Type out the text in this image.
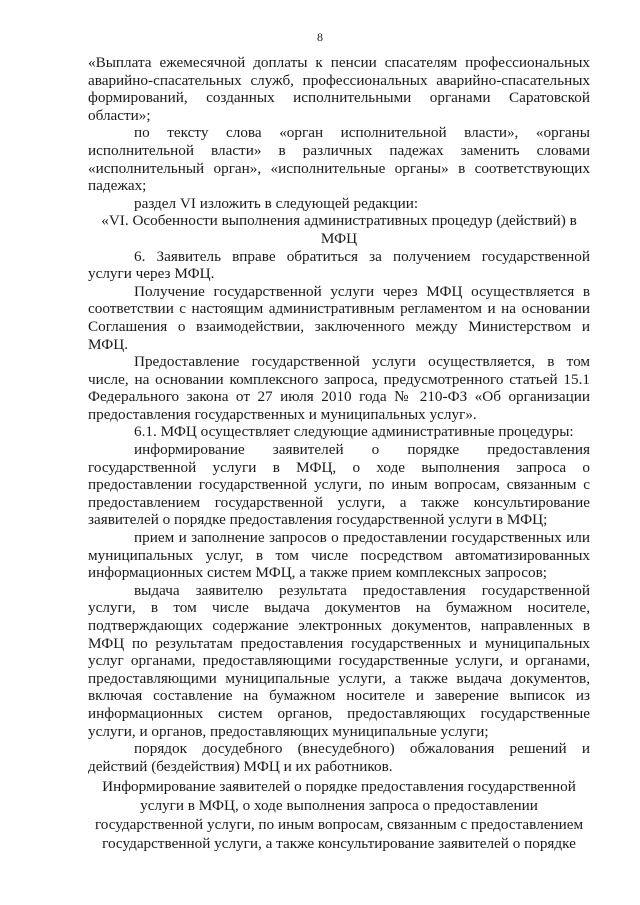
8

«Выплата ежемесячной доплаты к пенсии спасателям профессиональных аварийно-спасательных служб, профессиональных аварийно-спасательных формирований, созданных исполнительными органами Саратовской области»;

по тексту слова «орган исполнительной власти», «органы исполнительной власти» в различных падежах заменить словами «исполнительный орган», «исполнительные органы» в соответствующих падежах;

раздел VI изложить в следующей редакции:

«VI. Особенности выполнения административных процедур (действий) в МФЦ

6. Заявитель вправе обратиться за получением государственной услуги через МФЦ.

Получение государственной услуги через МФЦ осуществляется в соответствии с настоящим административным регламентом и на основании Соглашения о взаимодействии, заключенного между Министерством и МФЦ.

Предоставление государственной услуги осуществляется, в том числе, на основании комплексного запроса, предусмотренного статьей 15.1 Федерального закона от 27 июля 2010 года № 210-ФЗ «Об организации предоставления государственных и муниципальных услуг».

6.1. МФЦ осуществляет следующие административные процедуры:

информирование заявителей о порядке предоставления государственной услуги в МФЦ, о ходе выполнения запроса о предоставлении государственной услуги, по иным вопросам, связанным с предоставлением государственной услуги, а также консультирование заявителей о порядке предоставления государственной услуги в МФЦ;

прием и заполнение запросов о предоставлении государственных или муниципальных услуг, в том числе посредством автоматизированных информационных систем МФЦ, а также прием комплексных запросов;

выдача заявителю результата предоставления государственной услуги, в том числе выдача документов на бумажном носителе, подтверждающих содержание электронных документов, направленных в МФЦ по результатам предоставления государственных и муниципальных услуг органами, предоставляющими государственные услуги, и органами, предоставляющими муниципальные услуги, а также выдача документов, включая составление на бумажном носителе и заверение выписок из информационных систем органов, предоставляющих государственные услуги, и органов, предоставляющих муниципальные услуги;

порядок досудебного (внесудебного) обжалования решений и действий (бездействия) МФЦ и их работников.

Информирование заявителей о порядке предоставления государственной услуги в МФЦ, о ходе выполнения запроса о предоставлении государственной услуги, по иным вопросам, связанным с предоставлением государственной услуги, а также консультирование заявителей о порядке
